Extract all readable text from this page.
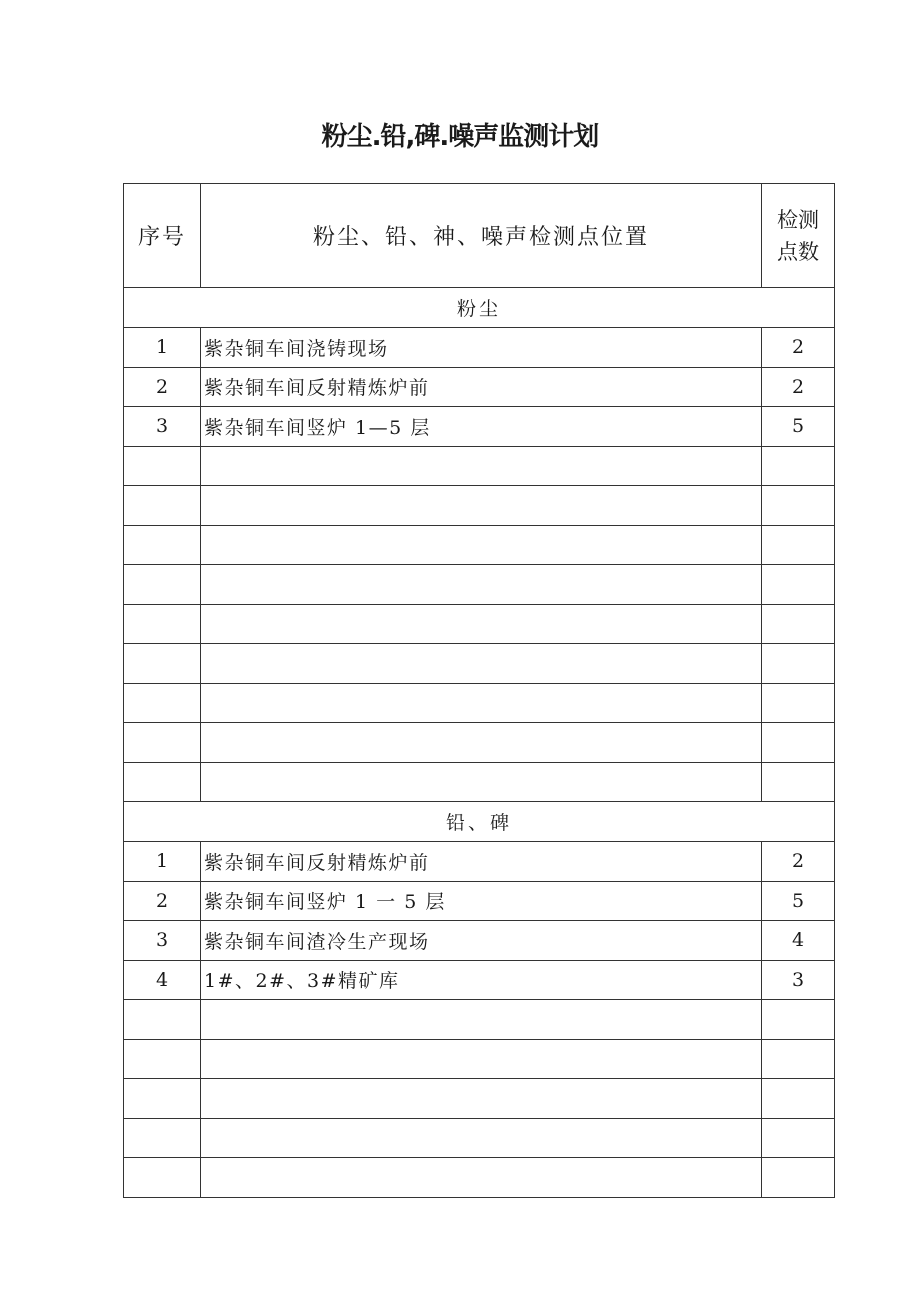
粉尘.铅,碑.噪声监测计划
序号	粉尘、铅、神、噪声检测点位置	检测
点数
粉尘		
1	紫杂铜车间浇铸现场	2
2	紫杂铜车间反射精炼炉前	2
3	紫杂铜车间竖炉 1—5 层	5

铅、碑		
1	紫杂铜车间反射精炼炉前	2
2	紫杂铜车间竖炉 1 一 5 层	5
3	紫杂铜车间渣冷生产现场	4
4	1#、2#、3#精矿库	3
